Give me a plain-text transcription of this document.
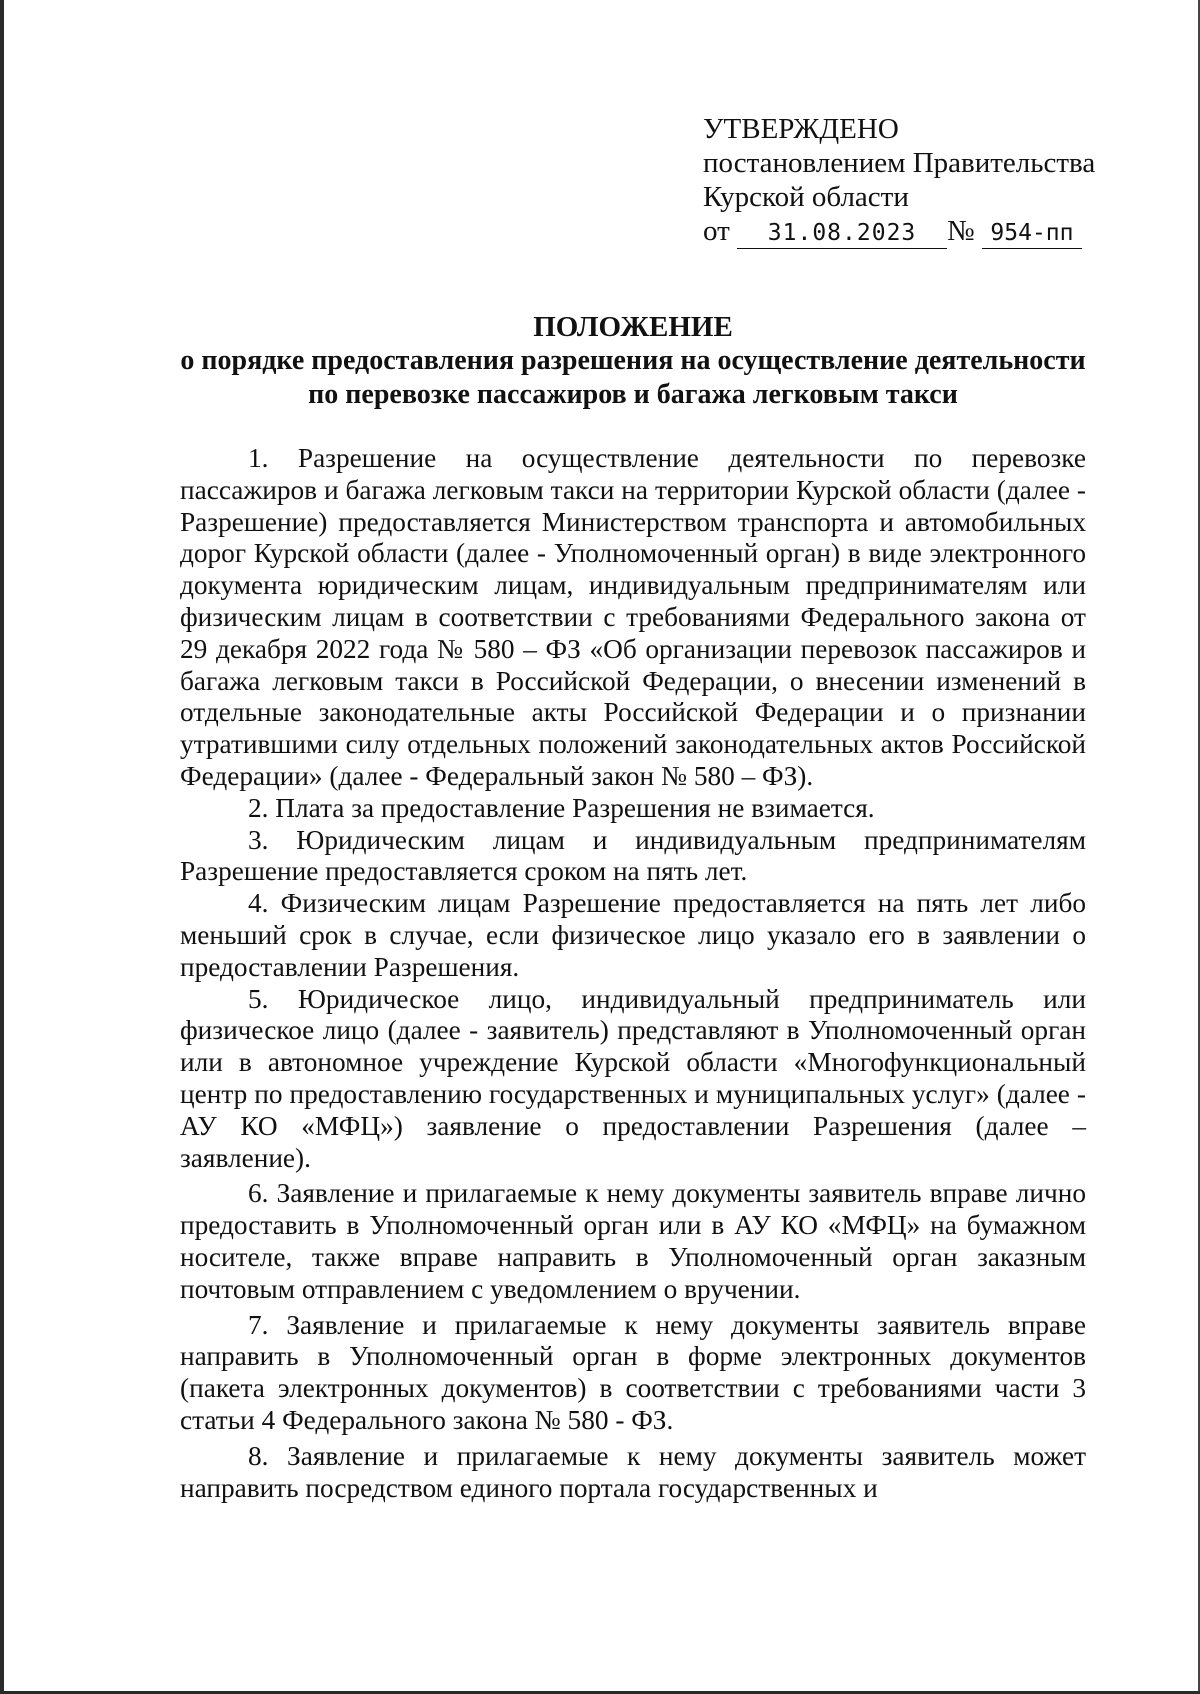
УТВЕРЖДЕНО
постановлением Правительства
Курской области
от 31.08.2023 № 954-пп
ПОЛОЖЕНИЕ
о порядке предоставления разрешения на осуществление деятельности по перевозке пассажиров и багажа легковым такси

1. Разрешение на осуществление деятельности по перевозке пассажиров и багажа легковым такси на территории Курской области (далее - Разрешение) предоставляется Министерством транспорта и автомобильных дорог Курской области (далее - Уполномоченный орган) в виде электронного документа юридическим лицам, индивидуальным предпринимателям или физическим лицам в соответствии с требованиями Федерального закона от 29 декабря 2022 года № 580 – ФЗ «Об организации перевозок пассажиров и багажа легковым такси в Российской Федерации, о внесении изменений в отдельные законодательные акты Российской Федерации и о признании утратившими силу отдельных положений законодательных актов Российской Федерации» (далее - Федеральный закон № 580 – ФЗ).

2. Плата за предоставление Разрешения не взимается.

3. Юридическим лицам и индивидуальным предпринимателям Разрешение предоставляется сроком на пять лет.

4. Физическим лицам Разрешение предоставляется на пять лет либо меньший срок в случае, если физическое лицо указало его в заявлении о предоставлении Разрешения.

5. Юридическое лицо, индивидуальный предприниматель или физическое лицо (далее - заявитель) представляют в Уполномоченный орган или в автономное учреждение Курской области «Многофункциональный центр по предоставлению государственных и муниципальных услуг» (далее - АУ КО «МФЦ») заявление о предоставлении Разрешения (далее – заявление).

6. Заявление и прилагаемые к нему документы заявитель вправе лично предоставить в Уполномоченный орган или в АУ КО «МФЦ» на бумажном носителе, также вправе направить в Уполномоченный орган заказным почтовым отправлением с уведомлением о вручении.

7. Заявление и прилагаемые к нему документы заявитель вправе направить в Уполномоченный орган в форме электронных документов (пакета электронных документов) в соответствии с требованиями части 3 статьи 4 Федерального закона № 580 - ФЗ.

8. Заявление и прилагаемые к нему документы заявитель может направить посредством единого портала государственных и
